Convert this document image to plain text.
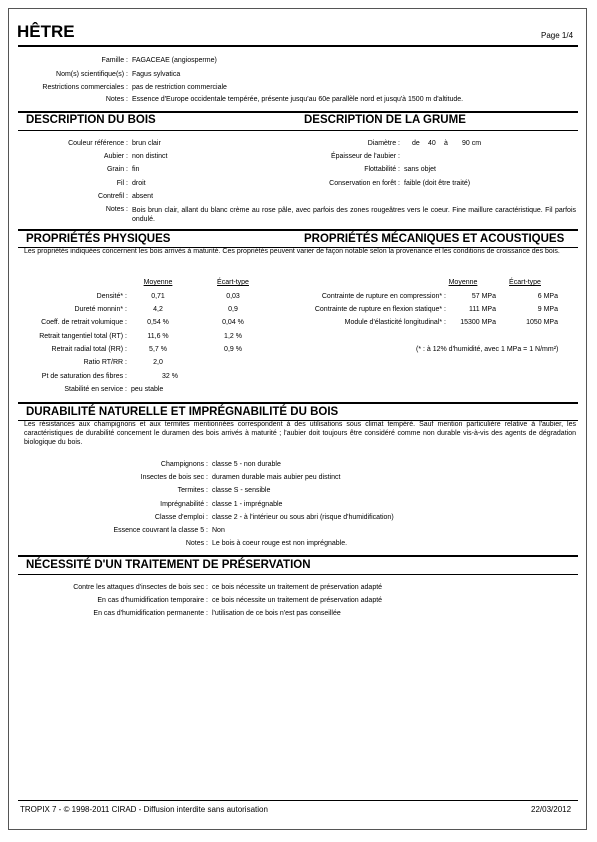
HÊTRE	Page 1/4
Famille : FAGACEAE (angiosperme)
Nom(s) scientifique(s) : Fagus sylvatica
Restrictions commerciales : pas de restriction commerciale
Notes : Essence d'Europe occidentale tempérée, présente jusqu'au 60e parallèle nord et jusqu'à 1500 m d'altitude.
DESCRIPTION DU BOIS	DESCRIPTION DE LA GRUME
Couleur référence : brun clair
Aubier : non distinct
Grain : fin
Fil : droit
Contrefil : absent
Notes : Bois brun clair, allant du blanc crème au rose pâle, avec parfois des zones rougeâtres vers le coeur. Fine maillure caractéristique. Fil parfois ondulé.
Diamètre : de 40 à 90 cm
Épaisseur de l'aubier :
Flottabilité : sans objet
Conservation en forêt : faible (doit être traité)
PROPRIÉTÉS PHYSIQUES	PROPRIÉTÉS MÉCANIQUES ET ACOUSTIQUES
Les propriétés indiquées concernent les bois arrivés à maturité. Ces propriétés peuvent varier de façon notable selon la provenance et les conditions de croissance des bois.
Moyenne	Écart-type
Densité* :	0,71	0,03
Dureté monnin* :	4,2	0,9
Coeff. de retrait volumique :	0,54 %	0,04 %
Retrait tangentiel total (RT) :	11,6 %	1,2 %
Retrait radial total (RR) :	5,7 %	0,9 %
Ratio RT/RR :	2,0
Pt de saturation des fibres :	32 %
Stabilité en service : peu stable
Moyenne	Écart-type
Contrainte de rupture en compression* :	57 MPa	6 MPa
Contrainte de rupture en flexion statique* :	111 MPa	9 MPa
Module d'élasticité longitudinal* :	15300 MPa	1050 MPa
(* : à 12% d'humidité, avec 1 MPa = 1 N/mm²)
DURABILITÉ NATURELLE ET IMPRÉGNABILITÉ DU BOIS
Les résistances aux champignons et aux termites mentionnées correspondent à des utilisations sous climat tempéré. Sauf mention particulière relative à l'aubier, les caractéristiques de durabilité concernent le duramen des bois arrivés à maturité ; l'aubier doit toujours être considéré comme non durable vis-à-vis des agents de dégradation biologique du bois.
Champignons : classe 5 - non durable
Insectes de bois sec : duramen durable mais aubier peu distinct
Termites : classe S - sensible
Imprégnabilité : classe 1 - imprégnable
Classe d'emploi : classe 2 - à l'intérieur ou sous abri (risque d'humidification)
Essence couvrant la classe 5 : Non
Notes : Le bois à coeur rouge est non imprégnable.
NÉCESSITÉ D'UN TRAITEMENT DE PRÉSERVATION
Contre les attaques d'insectes de bois sec : ce bois nécessite un traitement de préservation adapté
En cas d'humidification temporaire : ce bois nécessite un traitement de préservation adapté
En cas d'humidification permanente : l'utilisation de ce bois n'est pas conseillée
TROPIX 7 - © 1998-2011 CIRAD - Diffusion interdite sans autorisation	22/03/2012
